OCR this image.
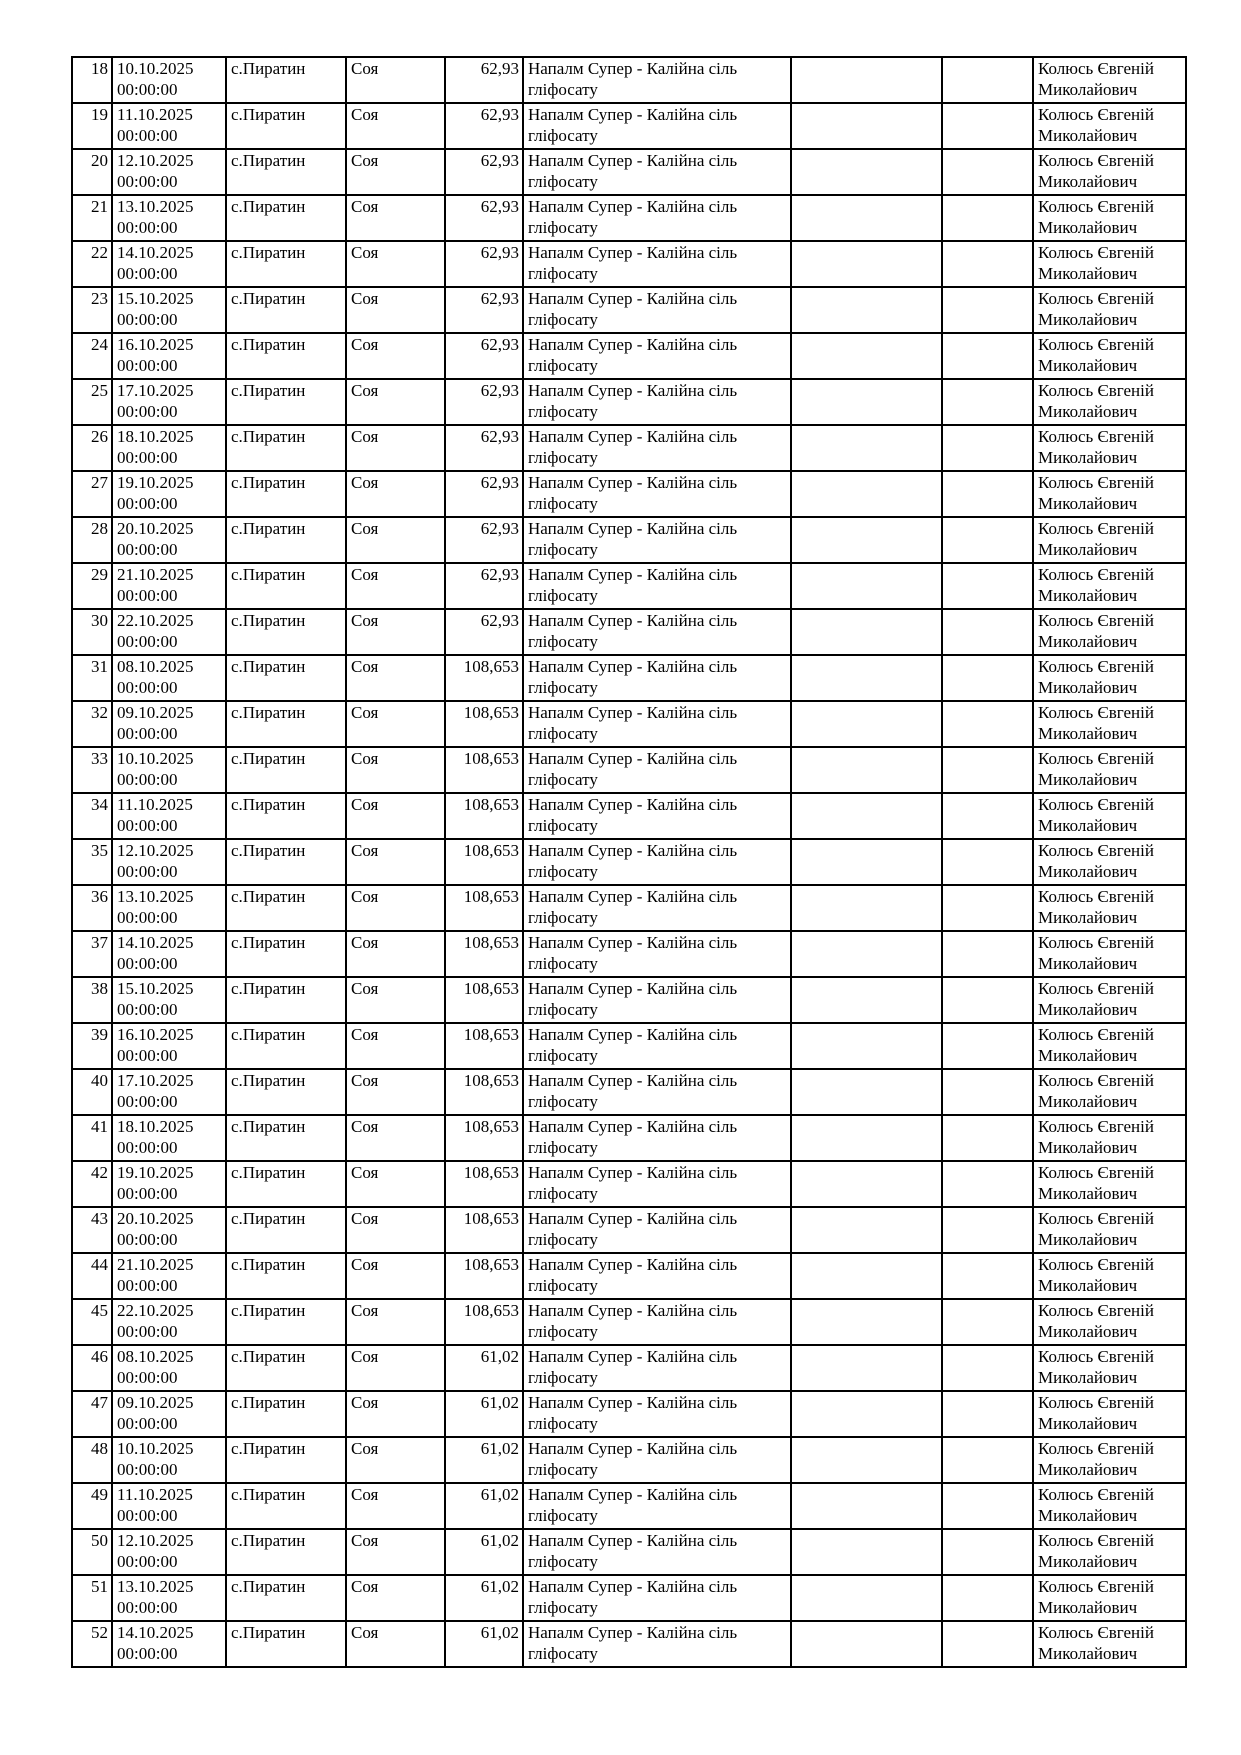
18	10.10.2025 00:00:00	с.Пиратин	Соя	62,93	Напалм Супер - Калійна сіль гліфосату			Колюсь Євгеній Миколайович
19	11.10.2025 00:00:00	с.Пиратин	Соя	62,93	Напалм Супер - Калійна сіль гліфосату			Колюсь Євгеній Миколайович
20	12.10.2025 00:00:00	с.Пиратин	Соя	62,93	Напалм Супер - Калійна сіль гліфосату			Колюсь Євгеній Миколайович
21	13.10.2025 00:00:00	с.Пиратин	Соя	62,93	Напалм Супер - Калійна сіль гліфосату			Колюсь Євгеній Миколайович
22	14.10.2025 00:00:00	с.Пиратин	Соя	62,93	Напалм Супер - Калійна сіль гліфосату			Колюсь Євгеній Миколайович
23	15.10.2025 00:00:00	с.Пиратин	Соя	62,93	Напалм Супер - Калійна сіль гліфосату			Колюсь Євгеній Миколайович
24	16.10.2025 00:00:00	с.Пиратин	Соя	62,93	Напалм Супер - Калійна сіль гліфосату			Колюсь Євгеній Миколайович
25	17.10.2025 00:00:00	с.Пиратин	Соя	62,93	Напалм Супер - Калійна сіль гліфосату			Колюсь Євгеній Миколайович
26	18.10.2025 00:00:00	с.Пиратин	Соя	62,93	Напалм Супер - Калійна сіль гліфосату			Колюсь Євгеній Миколайович
27	19.10.2025 00:00:00	с.Пиратин	Соя	62,93	Напалм Супер - Калійна сіль гліфосату			Колюсь Євгеній Миколайович
28	20.10.2025 00:00:00	с.Пиратин	Соя	62,93	Напалм Супер - Калійна сіль гліфосату			Колюсь Євгеній Миколайович
29	21.10.2025 00:00:00	с.Пиратин	Соя	62,93	Напалм Супер - Калійна сіль гліфосату			Колюсь Євгеній Миколайович
30	22.10.2025 00:00:00	с.Пиратин	Соя	62,93	Напалм Супер - Калійна сіль гліфосату			Колюсь Євгеній Миколайович
31	08.10.2025 00:00:00	с.Пиратин	Соя	108,653	Напалм Супер - Калійна сіль гліфосату			Колюсь Євгеній Миколайович
32	09.10.2025 00:00:00	с.Пиратин	Соя	108,653	Напалм Супер - Калійна сіль гліфосату			Колюсь Євгеній Миколайович
33	10.10.2025 00:00:00	с.Пиратин	Соя	108,653	Напалм Супер - Калійна сіль гліфосату			Колюсь Євгеній Миколайович
34	11.10.2025 00:00:00	с.Пиратин	Соя	108,653	Напалм Супер - Калійна сіль гліфосату			Колюсь Євгеній Миколайович
35	12.10.2025 00:00:00	с.Пиратин	Соя	108,653	Напалм Супер - Калійна сіль гліфосату			Колюсь Євгеній Миколайович
36	13.10.2025 00:00:00	с.Пиратин	Соя	108,653	Напалм Супер - Калійна сіль гліфосату			Колюсь Євгеній Миколайович
37	14.10.2025 00:00:00	с.Пиратин	Соя	108,653	Напалм Супер - Калійна сіль гліфосату			Колюсь Євгеній Миколайович
38	15.10.2025 00:00:00	с.Пиратин	Соя	108,653	Напалм Супер - Калійна сіль гліфосату			Колюсь Євгеній Миколайович
39	16.10.2025 00:00:00	с.Пиратин	Соя	108,653	Напалм Супер - Калійна сіль гліфосату			Колюсь Євгеній Миколайович
40	17.10.2025 00:00:00	с.Пиратин	Соя	108,653	Напалм Супер - Калійна сіль гліфосату			Колюсь Євгеній Миколайович
41	18.10.2025 00:00:00	с.Пиратин	Соя	108,653	Напалм Супер - Калійна сіль гліфосату			Колюсь Євгеній Миколайович
42	19.10.2025 00:00:00	с.Пиратин	Соя	108,653	Напалм Супер - Калійна сіль гліфосату			Колюсь Євгеній Миколайович
43	20.10.2025 00:00:00	с.Пиратин	Соя	108,653	Напалм Супер - Калійна сіль гліфосату			Колюсь Євгеній Миколайович
44	21.10.2025 00:00:00	с.Пиратин	Соя	108,653	Напалм Супер - Калійна сіль гліфосату			Колюсь Євгеній Миколайович
45	22.10.2025 00:00:00	с.Пиратин	Соя	108,653	Напалм Супер - Калійна сіль гліфосату			Колюсь Євгеній Миколайович
46	08.10.2025 00:00:00	с.Пиратин	Соя	61,02	Напалм Супер - Калійна сіль гліфосату			Колюсь Євгеній Миколайович
47	09.10.2025 00:00:00	с.Пиратин	Соя	61,02	Напалм Супер - Калійна сіль гліфосату			Колюсь Євгеній Миколайович
48	10.10.2025 00:00:00	с.Пиратин	Соя	61,02	Напалм Супер - Калійна сіль гліфосату			Колюсь Євгеній Миколайович
49	11.10.2025 00:00:00	с.Пиратин	Соя	61,02	Напалм Супер - Калійна сіль гліфосату			Колюсь Євгеній Миколайович
50	12.10.2025 00:00:00	с.Пиратин	Соя	61,02	Напалм Супер - Калійна сіль гліфосату			Колюсь Євгеній Миколайович
51	13.10.2025 00:00:00	с.Пиратин	Соя	61,02	Напалм Супер - Калійна сіль гліфосату			Колюсь Євгеній Миколайович
52	14.10.2025 00:00:00	с.Пиратин	Соя	61,02	Напалм Супер - Калійна сіль гліфосату			Колюсь Євгеній Миколайович
